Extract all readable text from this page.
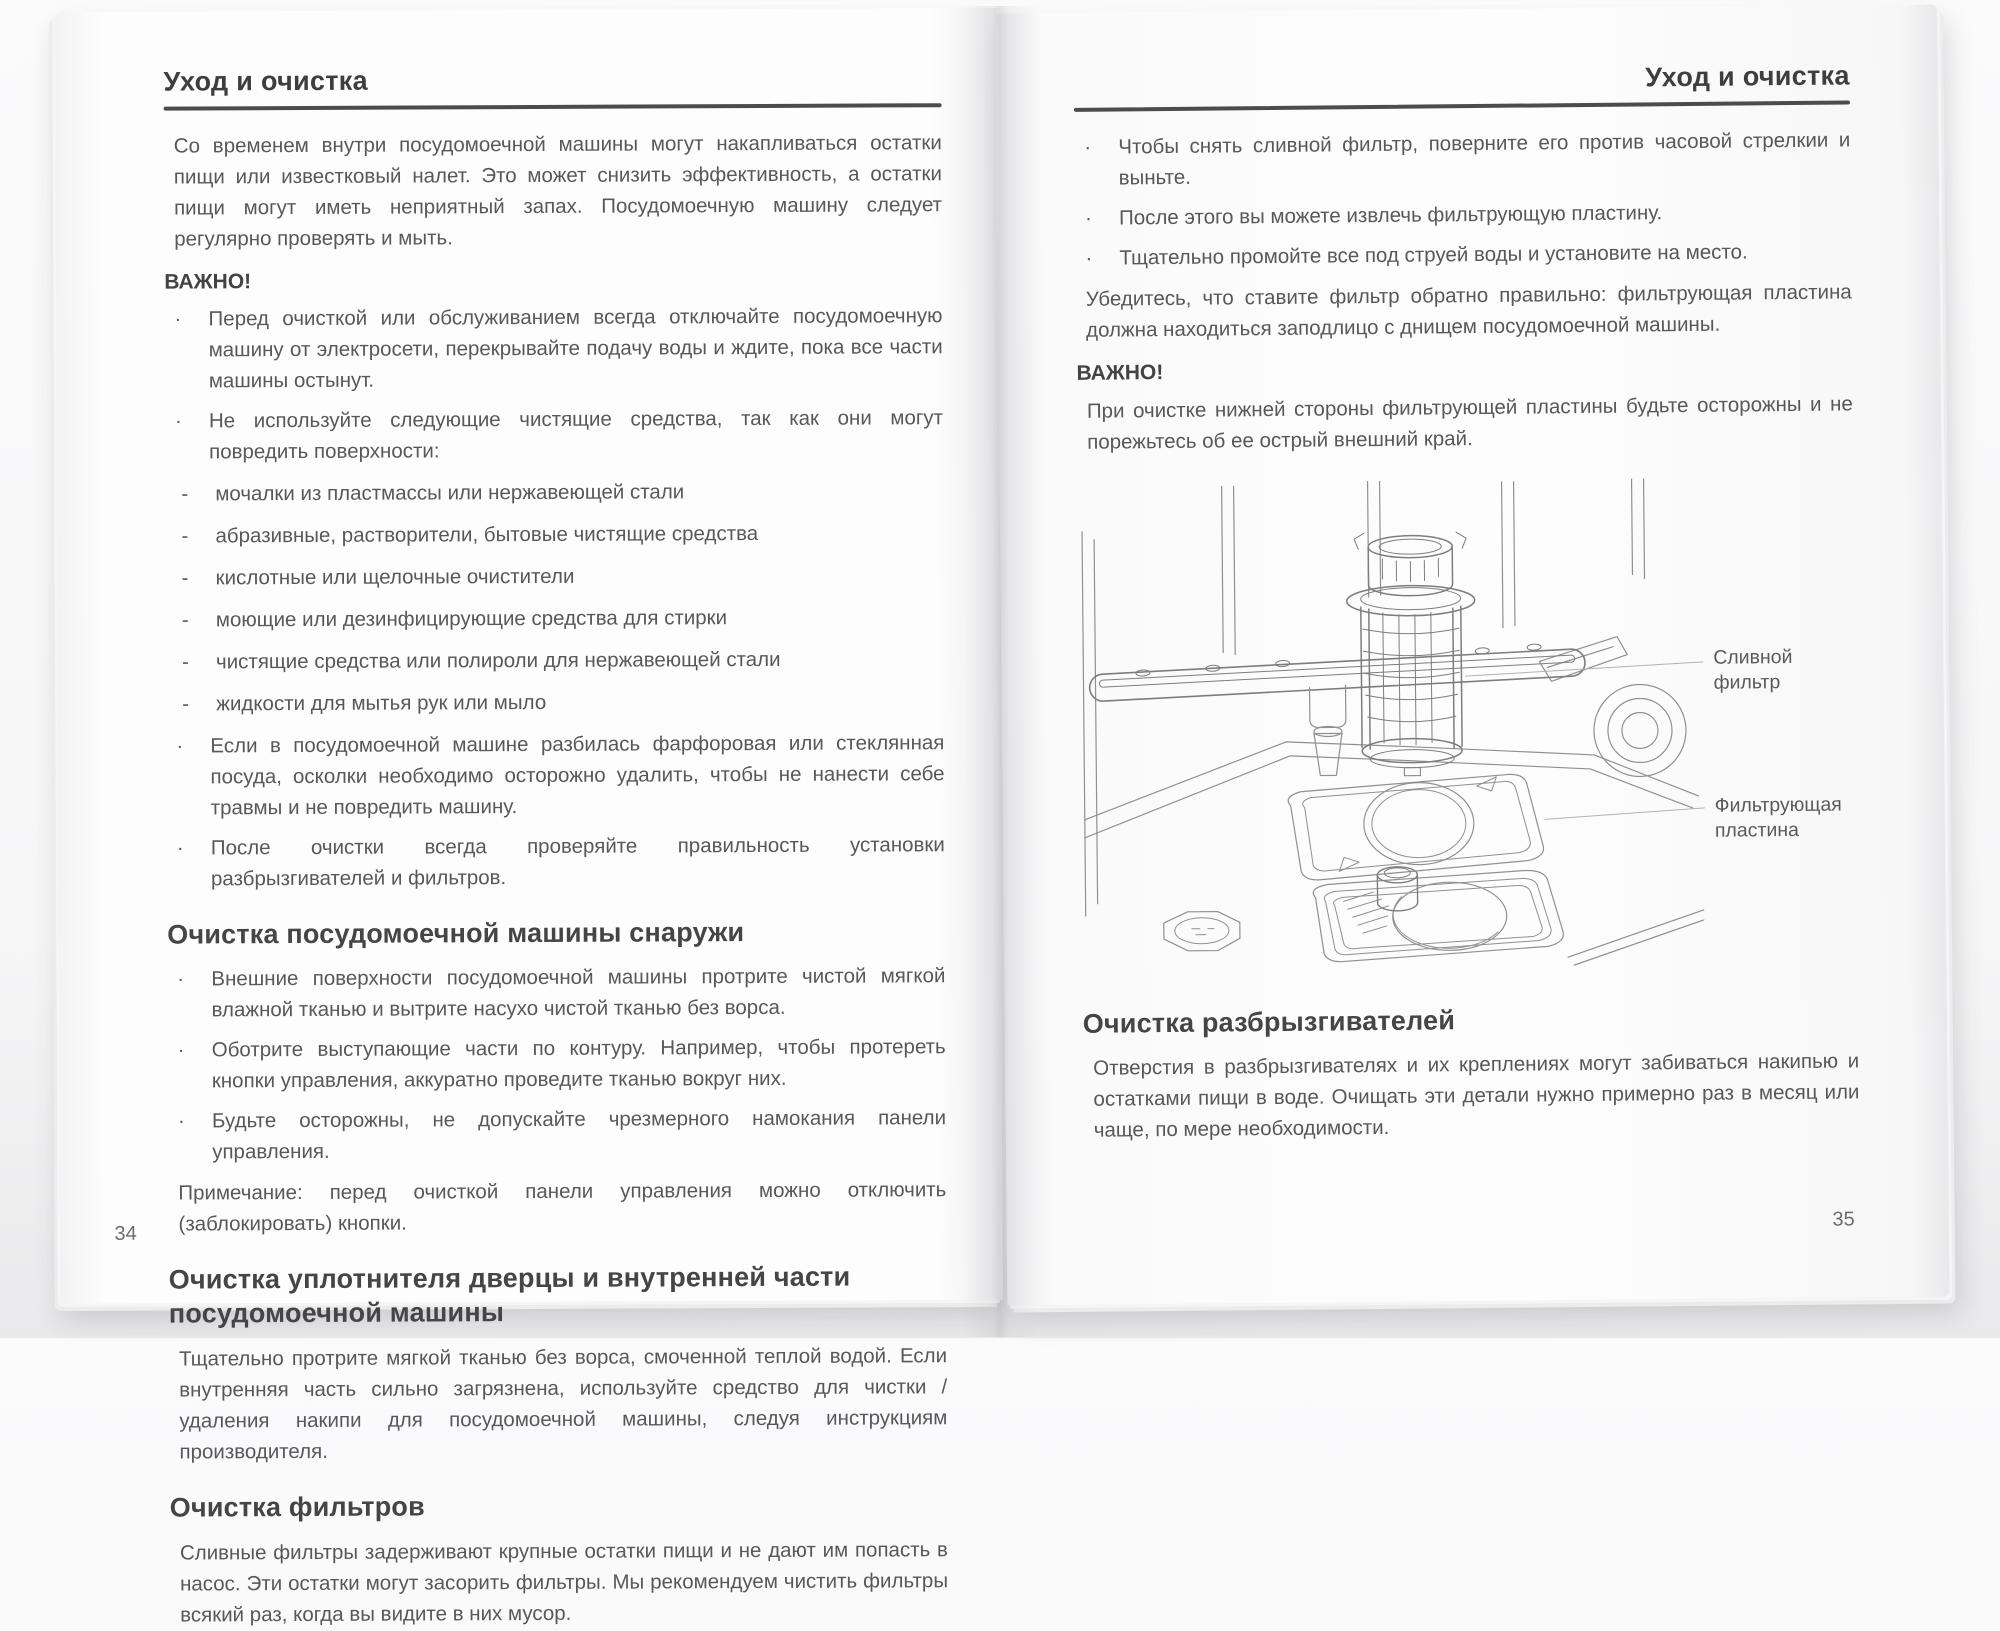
Уход и очистка

Со временем внутри посудомоечной машины могут накапливаться остатки пищи или известковый налет. Это может снизить эффективность, а остатки пищи могут иметь неприятный запах. Посудомоечную машину следует регулярно проверять и мыть.

ВАЖНО!

·	Перед очисткой или обслуживанием всегда отключайте посудомоечную машину от электросети, перекрывайте подачу воды и ждите, пока все части машины остынут.
·	Не используйте следующие чистящие средства, так как они могут повредить поверхности:
-	мочалки из пластмассы или нержавеющей стали
-	абразивные, растворители, бытовые чистящие средства
-	кислотные или щелочные очистители
-	моющие или дезинфицирующие средства для стирки
-	чистящие средства или полироли для нержавеющей стали
-	жидкости для мытья рук или мыло
·	Если в посудомоечной машине разбилась фарфоровая или стеклянная посуда, осколки необходимо осторожно удалить, чтобы не нанести себе травмы и не повредить машину.
·	После очистки всегда проверяйте правильность установки разбрызгивателей и фильтров.
Очистка посудомоечной машины снаружи
·	Внешние поверхности посудомоечной машины протрите чистой мягкой влажной тканью и вытрите насухо чистой тканью без ворса.
·	Оботрите выступающие части по контуру. Например, чтобы протереть кнопки управления, аккуратно проведите тканью вокруг них.
·	Будьте осторожны, не допускайте чрезмерного намокания панели управления.

Примечание: перед очисткой панели управления можно отключить (заблокировать) кнопки.

Очистка уплотнителя дверцы и внутренней части посудомоечной машины

Тщательно протрите мягкой тканью без ворса, смоченной теплой водой. Если внутренняя часть сильно загрязнена, используйте средство для чистки / удаления накипи для посудомоечной машины, следуя инструкциям производителя.

Очистка фильтров

Сливные фильтры задерживают крупные остатки пищи и не дают им попасть в насос. Эти остатки могут засорить фильтры. Мы рекомендуем чистить фильтры всякий раз, когда вы видите в них мусор.

34
Уход и очистка
·	Чтобы снять сливной фильтр, поверните его против часовой стрелкии и выньте.
·	После этого вы можете извлечь фильтрующую пластину.
·	Тщательно промойте все под струей воды и установите на место.

Убедитесь, что ставите фильтр обратно правильно: фильтрующая пластина должна находиться заподлицо с днищем посудомоечной машины.

ВАЖНО!

При очистке нижней стороны фильтрующей пластины будьте осторожны и не порежьтесь об ее острый внешний край.

Сливной фильтр
Фильтрующая пластина
Очистка разбрызгивателей

Отверстия в разбрызгивателях и их креплениях могут забиваться накипью и остатками пищи в воде. Очищать эти детали нужно примерно раз в месяц или чаще, по мере необходимости.

35
